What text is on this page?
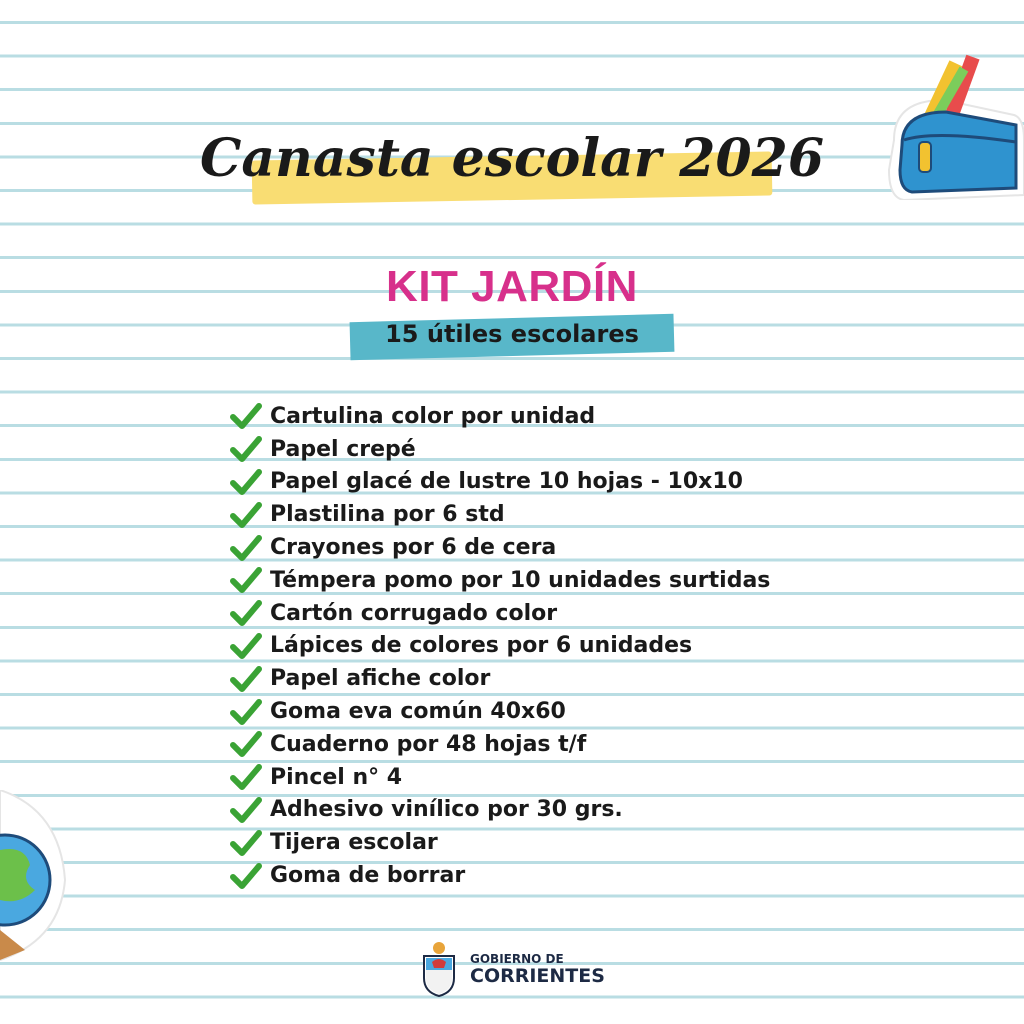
Canasta escolar 2026
KIT JARDÍN
15 útiles escolares
Cartulina color por unidad
Papel crepé
Papel glacé de lustre 10 hojas - 10x10
Plastilina por 6 std
Crayones por 6 de cera
Témpera pomo por 10 unidades surtidas
Cartón corrugado color
Lápices de colores por 6 unidades
Papel afiche color
Goma eva común 40x60
Cuaderno por 48 hojas t/f
Pincel n° 4
Adhesivo vinílico por 30 grs.
Tijera escolar
Goma de borrar
GOBIERNO DE
CORRIENTES
